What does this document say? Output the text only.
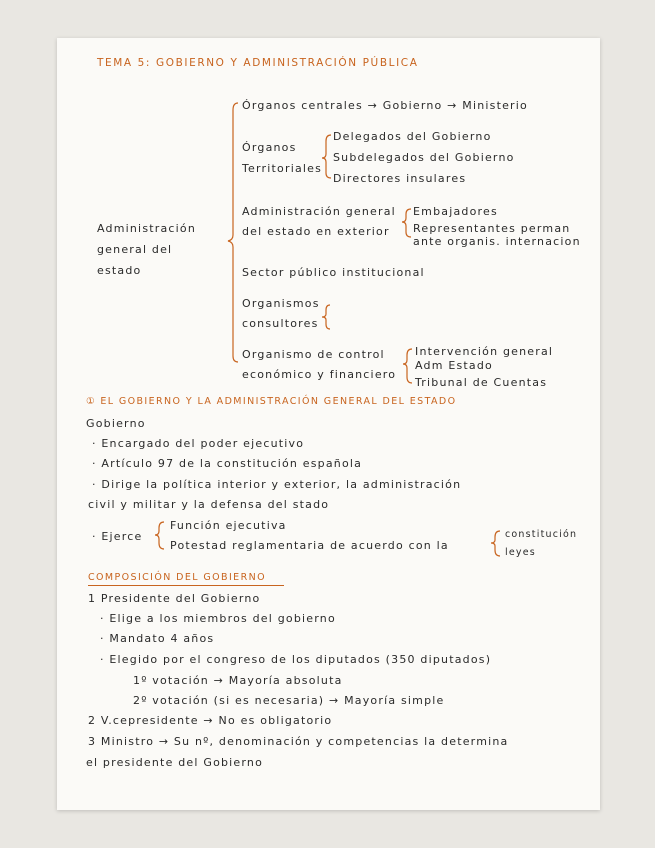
TEMA 5: GOBIERNO Y ADMINISTRACIÓN PÚBLICA
Órganos centrales → Gobierno → Ministerio
Órganos
Territoriales
Delegados del Gobierno
Subdelegados del Gobierno
Directores insulares
Administración
general del
estado
Administración general
del estado en exterior
Embajadores
Representantes perman
ante organis. internacion
Sector público institucional
Organismos
consultores
Organismo de control
económico y financiero
Intervención general
Adm Estado
Tribunal de Cuentas
① EL GOBIERNO Y LA ADMINISTRACIÓN GENERAL DEL ESTADO
Gobierno
· Encargado del poder ejecutivo
· Artículo 97 de la constitución española
· Dirige la política interior y exterior, la administración
civil y militar y la defensa del stado
· Ejerce
Función ejecutiva
Potestad reglamentaria de acuerdo con la
constitución
leyes
COMPOSICIÓN DEL GOBIERNO
1 Presidente del Gobierno
· Elige a los miembros del gobierno
· Mandato 4 años
· Elegido por el congreso de los diputados (350 diputados)
1º votación → Mayoría absoluta
2º votación (si es necesaria) → Mayoría simple
2 V.cepresidente → No es obligatorio
3 Ministro → Su nº, denominación y competencias la determina
el presidente del Gobierno
